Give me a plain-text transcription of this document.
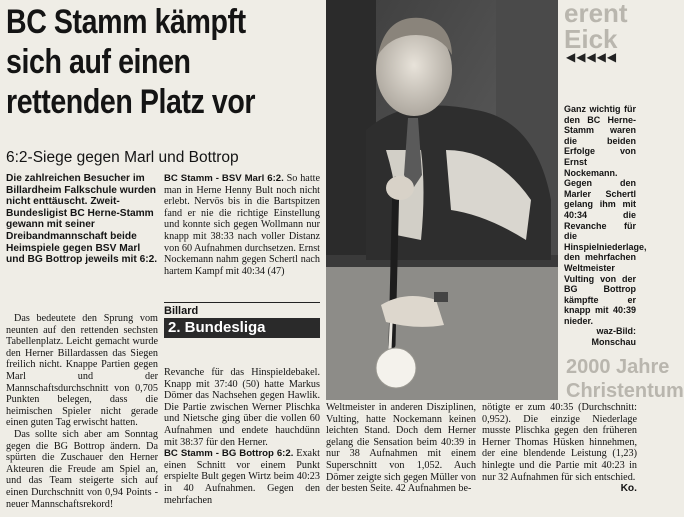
BC Stamm kämpft
sich auf einen
rettenden Platz vor
6:2-Siege gegen Marl und Bottrop
Die zahlreichen Besucher im Billardheim Falkschule wurden nicht enttäuscht. Zweit-Bundesligist BC Herne-Stamm gewann mit seiner Dreibandmannschaft beide Heimspiele gegen BSV Marl und BG Bottrop jeweils mit 6:2.

Das bedeutete den Sprung vom neunten auf den rettenden sechsten Tabellenplatz. Leicht gemacht wurde den Herner Billardassen das Siegen freilich nicht. Knappe Partien gegen Marl und der Mannschaftsdurchschnitt von 0,705 Punkten belegen, dass die heimischen Spieler nicht gerade einen guten Tag erwischt hatten.

Das sollte sich aber am Sonntag gegen die BG Bottrop ändern. Da spürten die Zuschauer den Herner Akteuren die Freude am Spiel an, und das Team steigerte sich auf einen Durchschnitt von 0,94 Points - neuer Mannschaftsrekord!

BC Stamm - BSV Marl 6:2. So hatte man in Herne Henny Bult noch nicht erlebt. Nervös bis in die Bartspitzen fand er nie die richtige Einstellung und konnte sich gegen Wollmann nur knapp mit 38:33 nach voller Distanz von 60 Aufnahmen durchsetzen. Ernst Nockemann nahm gegen Schertl nach hartem Kampf mit 40:34 (47)
Billard
2. Bundesliga
Revanche für das Hinspieldebakel. Knapp mit 37:40 (50) hatte Markus Dömer das Nachsehen gegen Hawlik. Die Partie zwischen Werner Plischka und Nietsche ging über die vollen 60 Aufnahmen und endete hauchdünn mit 38:37 für den Herner.
BC Stamm - BG Bottrop 6:2. Exakt einen Schnitt vor einem Punkt erspielte Bult gegen Wirtz beim 40:23 in 40 Aufnahmen. Gegen den mehrfachen
erent
Eick
2000 Jahre
Christentum
◀◀◀◀◀
Ganz wichtig für den BC Herne-Stamm waren die beiden Erfolge von Ernst Nockemann. Gegen den Marler Schertl gelang ihm mit 40:34 die Revanche für die Hinspielniederlage, den mehrfachen Weltmeister Vulting von der BG Bottrop kämpfte er knapp mit 40:39 nieder.
waz-Bild: Monschau
Weltmeister in anderen Disziplinen, Vulting, hatte Nockemann keinen leichten Stand. Doch dem Herner gelang die Sensation beim 40:39 in nur 38 Aufnahmen mit einem Superschnitt von 1,052. Auch Dömer zeigte sich gegen Müller von der besten Seite. 42 Aufnahmen be-
nötigte er zum 40:35 (Durchschnitt: 0,952). Die einzige Niederlage musste Plischka gegen den früheren Herner Thomas Hüsken hinnehmen, der eine blendende Leistung (1,23) hinlegte und die Partie mit 40:23 in nur 32 Aufnahmen für sich entschied.
Ko.
